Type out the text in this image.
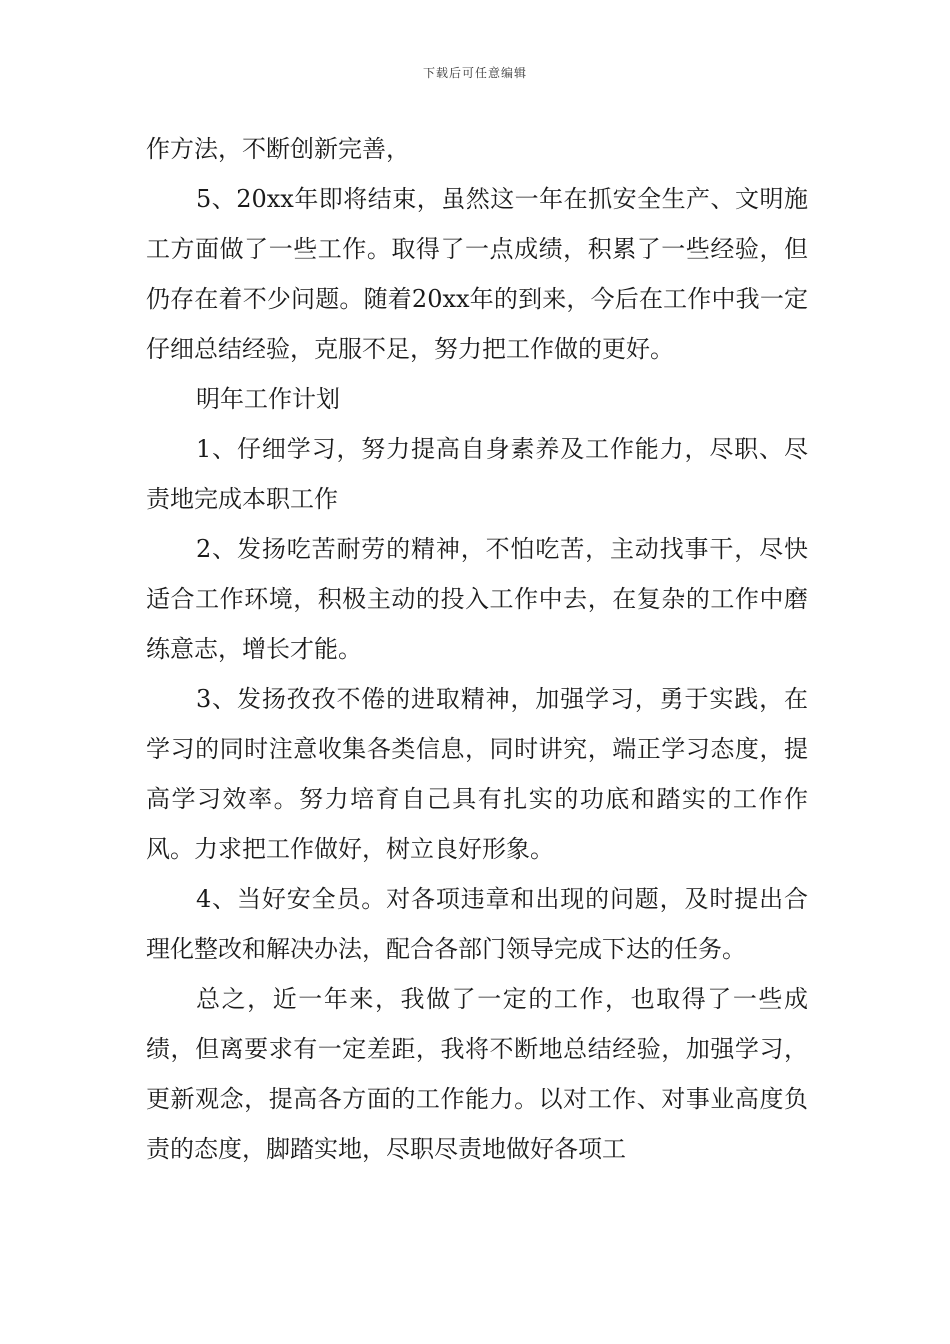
下载后可任意编辑

作方法，不断创新完善，

5、20xx年即将结束，虽然这一年在抓安全生产、文明施工方面做了一些工作。取得了一点成绩，积累了一些经验，但仍存在着不少问题。随着20xx年的到来，今后在工作中我一定仔细总结经验，克服不足，努力把工作做的更好。

明年工作计划

1、仔细学习，努力提高自身素养及工作能力，尽职、尽责地完成本职工作

2、发扬吃苦耐劳的精神，不怕吃苦，主动找事干，尽快适合工作环境，积极主动的投入工作中去，在复杂的工作中磨练意志，增长才能。

3、发扬孜孜不倦的进取精神，加强学习，勇于实践，在学习的同时注意收集各类信息，同时讲究，端正学习态度，提高学习效率。努力培育自己具有扎实的功底和踏实的工作作风。力求把工作做好，树立良好形象。

4、当好安全员。对各项违章和出现的问题，及时提出合理化整改和解决办法，配合各部门领导完成下达的任务。

总之，近一年来，我做了一定的工作，也取得了一些成绩，但离要求有一定差距，我将不断地总结经验，加强学习，更新观念，提高各方面的工作能力。以对工作、对事业高度负责的态度，脚踏实地，尽职尽责地做好各项工
